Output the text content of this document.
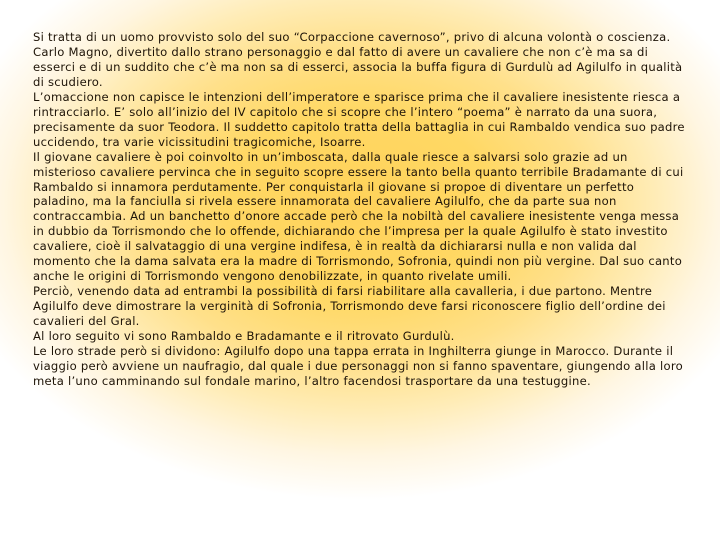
Si tratta di un uomo provvisto solo del suo “Corpaccione cavernoso”, privo di alcuna volontà o coscienza. Carlo Magno, divertito dallo strano personaggio e dal fatto di avere un cavaliere che non c’è ma sa di esserci e di un suddito che c’è ma non sa di esserci, associa la buffa figura di Gurdulù ad Agilulfo in qualità di scudiero.

L’omaccione non capisce le intenzioni dell’imperatore e sparisce prima che il cavaliere inesistente riesca a rintracciarlo. E’ solo all’inizio del IV capitolo che si scopre che l’intero “poema” è narrato da una suora, precisamente da suor Teodora. Il suddetto capitolo tratta della battaglia in cui Rambaldo vendica suo padre uccidendo, tra varie vicissitudini tragicomiche, Isoarre.

Il giovane cavaliere è poi coinvolto in un’imboscata, dalla quale riesce a salvarsi solo grazie ad un misterioso cavaliere pervinca che in seguito scopre essere la tanto bella quanto terribile Bradamante di cui Rambaldo si innamora perdutamente. Per conquistarla il giovane si propoe di diventare un perfetto paladino, ma la fanciulla si rivela essere innamorata del cavaliere Agilulfo, che da parte sua non contraccambia. Ad un banchetto d’onore accade però che la nobiltà del cavaliere inesistente venga messa in dubbio da Torrismondo che lo offende, dichiarando che l’impresa per la quale Agilulfo è stato investito cavaliere, cioè il salvataggio di una vergine indifesa, è in realtà da dichiararsi nulla e non valida dal momento che la dama salvata era la madre di Torrismondo, Sofronia, quindi non più vergine. Dal suo canto anche le origini di Torrismondo vengono denobilizzate, in quanto rivelate umili.

Perciò, venendo data ad entrambi la possibilità di farsi riabilitare alla cavalleria, i due partono. Mentre Agilulfo deve dimostrare la verginità di Sofronia, Torrismondo deve farsi riconoscere figlio dell’ordine dei cavalieri del Gral.

Al loro seguito vi sono Rambaldo e Bradamante e il ritrovato Gurdulù.

Le loro strade però si dividono: Agilulfo dopo una tappa errata in Inghilterra giunge in Marocco. Durante il viaggio però avviene un naufragio, dal quale i due personaggi non si fanno spaventare, giungendo alla loro meta l’uno camminando sul fondale marino, l’altro facendosi trasportare da una testuggine.
